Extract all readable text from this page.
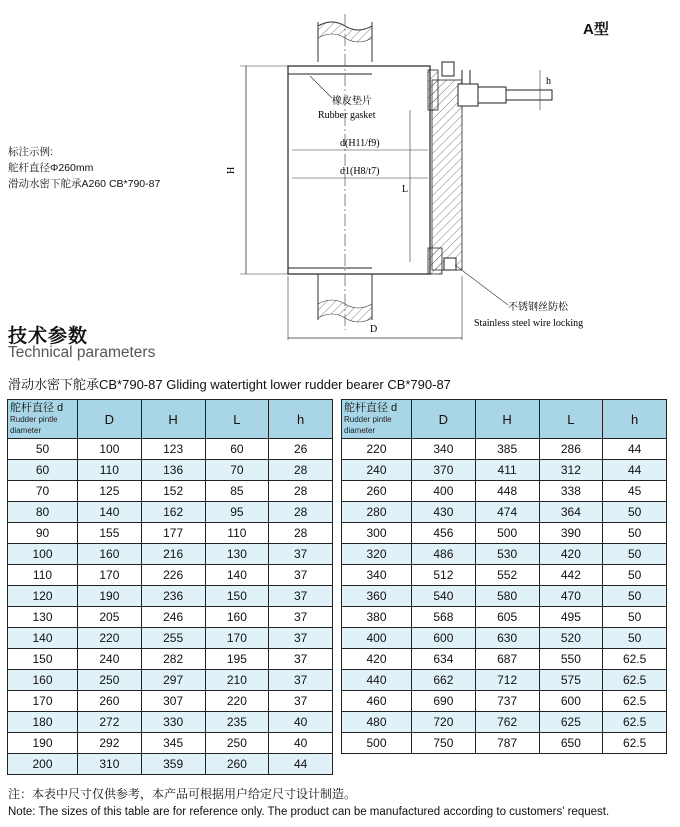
A型
标注示例:
舵杆直径Φ260mm
滑动水密下舵承A260 CB*790-87
H
D
d(H11/f9)
d1(H8/t7)
L
h
橡皮垫片
Rubber gasket
不锈钢丝防松
Stainless steel wire locking
技术参数
Technical parameters
滑动水密下舵承CB*790-87 Gliding watertight lower rudder bearer CB*790-87
舵杆直径 d
Rudder pintle diameter	D	H	L	h
50	100	123	60	26
60	110	136	70	28
70	125	152	85	28
80	140	162	95	28
90	155	177	110	28
100	160	216	130	37
110	170	226	140	37
120	190	236	150	37
130	205	246	160	37
140	220	255	170	37
150	240	282	195	37
160	250	297	210	37
170	260	307	220	37
180	272	330	235	40
190	292	345	250	40
200	310	359	260	44
舵杆直径 d
Rudder pintle diameter	D	H	L	h
220	340	385	286	44
240	370	411	312	44
260	400	448	338	45
280	430	474	364	50
300	456	500	390	50
320	486	530	420	50
340	512	552	442	50
360	540	580	470	50
380	568	605	495	50
400	600	630	520	50
420	634	687	550	62.5
440	662	712	575	62.5
460	690	737	600	62.5
480	720	762	625	62.5
500	750	787	650	62.5
注：本表中尺寸仅供参考，本产品可根据用户给定尺寸设计制造。
Note: The sizes of this table are for reference only. The product can be manufactured according to customers' request.
